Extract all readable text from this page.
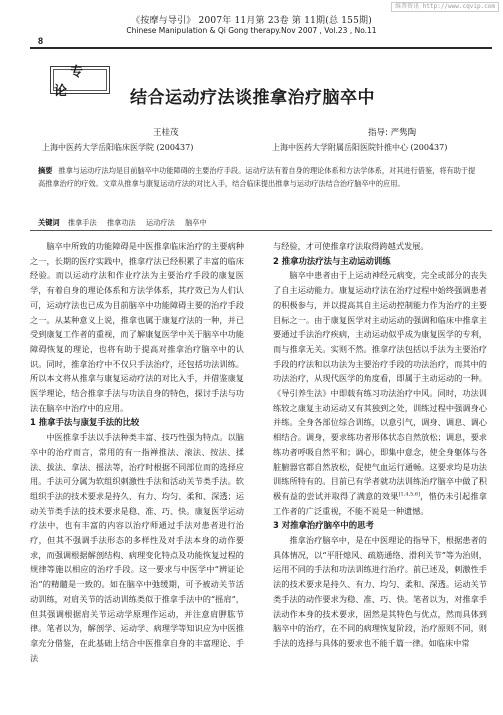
维普资讯 http://www.cqvip.com
《按摩与导引》 2007年 11月第 23卷 第 11期(总 155期)
Chinese Manipulation & Qi Gong therapy.Nov 2007 , Vol.23 , No.11
8
专论	结合运动疗法谈推拿治疗脑卒中
王桂茂	指导: 严隽陶
上海中医药大学岳阳临床医学院 (200437)	上海中医药大学附属岳阳医院针推中心 (200437)
摘要 推拿与运动疗法均是目前脑卒中功能障碍的主要治疗手段。运动疗法有着自身的理论体系和方法学体系，对其进行借鉴，将有助于提高推拿治疗的疗效。文章从推拿与康复运动疗法的对比入手，结合临床提出推拿与运动疗法结合治疗脑卒中的应用。
关键词 推拿手法 推拿功法 运动疗法 脑卒中

脑卒中所致的功能障碍是中医推拿临床治疗的主要病种之一，长期的医疗实践中，推拿疗法已经积累了丰富的临床经验。而以运动疗法和作业疗法为主要治疗手段的康复医学，有着自身的理论体系和方法学体系，其疗效已为人们认可，运动疗法也已成为目前脑卒中功能障碍主要的治疗手段之一。从某种意义上说，推拿也属于康复疗法的一种，并已受到康复工作者的重视，而了解康复医学中关于脑卒中功能障碍恢复的理论，也将有助于提高对推拿治疗脑卒中的认识。同时，推拿治疗中不仅只手法治疗，还包括功法训练。所以本文将从推拿与康复运动疗法的对比入手，并借鉴康复医学理论，结合推拿手法与功法自身的特色，探讨手法与功法在脑卒中治疗中的应用。

1 推拿手法与康复手法的比较

中医推拿手法以手法种类丰富、技巧性强为特点。以脑卒中的治疗而言，常用的有一指禅推法、滚法、按法、揉法、拔法、拿法、摇法等，治疗时根据不同部位而的选择应用。手法可分属为软组织刺激性手法和活动关节类手法。软组织手法的技术要求是持久、有力、均匀、柔和、深透；运动关节类手法的技术要求是稳、准、巧、快。康复医学运动疗法中，也有丰富的内容以治疗师通过手法对患者进行治疗，但其不强调手法形态的多样性及对手法本身的动作要求，而强调根据解剖结构、病理变化特点及功能恢复过程的规律等施以相应的治疗手段。这一要求与中医学中“辨证论治”的精髓是一致的。如在脑卒中弛缓期，可予被动关节活动训练，对肩关节的活动训练类似于推拿手法中的“摇肩”，但其强调根据肩关节运动学原理作运动，并注意肩胛肱节律。笔者以为，解剖学、运动学、病理学等知识应为中医推拿充分借鉴，在此基础上结合中医推拿自身的丰富理论、手法

与经验，才可使推拿疗法取得跨越式发展。

2 推拿功法疗法与主动运动训练

脑卒中患者由于上运动神经元病变，完全或部分的丧失了自主运动能力。康复运动疗法在治疗过程中始终强调患者的积极参与，并以提高其自主运动控制能力作为治疗的主要目标之一。由于康复医学对主动运动的强调和临床中推拿主要通过手法治疗疾病，主动运动似乎成为康复医学的专利，而与推拿无关。实则不然。推拿疗法包括以手法为主要治疗手段的疗法和以功法为主要治疗手段的功法治疗，而其中的功法治疗，从现代医学的角度看，即属于主动运动的一种。《导引养生法》中即载有练习功法治疗中风。同时，功法训练较之康复主动运动又有其独到之处，训练过程中强调身心并练。全身各部位综合训练，以意引气，调身、调息、调心相结合。调身，要求练功者形体状态自然放松；调息，要求练功者呼吸自然平和；调心，即集中意念，使全身躯体与各脏腑器官都自然放松，促使气血运行通畅。这要求均是功法训练所特有的。目前已有学者就功法训练治疗脑卒中做了积极有益的尝试并取得了满意的效果[1,4,5,6]，惜仍未引起推拿工作者的广泛重视，不能不说是一种遗憾。

3 对推拿治疗脑卒中的思考

推拿治疗脑卒中，是在中医理论的指导下，根据患者的具体情况，以“平肝熄风、疏筋通络、滑利关节”等为治则，运用不同的手法和功法训练进行治疗。前已述及，刺激性手法的技术要求是持久、有力、均匀、柔和、深透。运动关节类手法的动作要求为稳、准、巧、快。笔者以为，对推拿手法动作本身的技术要求，固然是其特色与优点，然而具体到脑卒中的治疗，在不同的病理恢复阶段，治疗原则不同，则手法的选择与具体的要求也不能千篇一律。如临床中常
